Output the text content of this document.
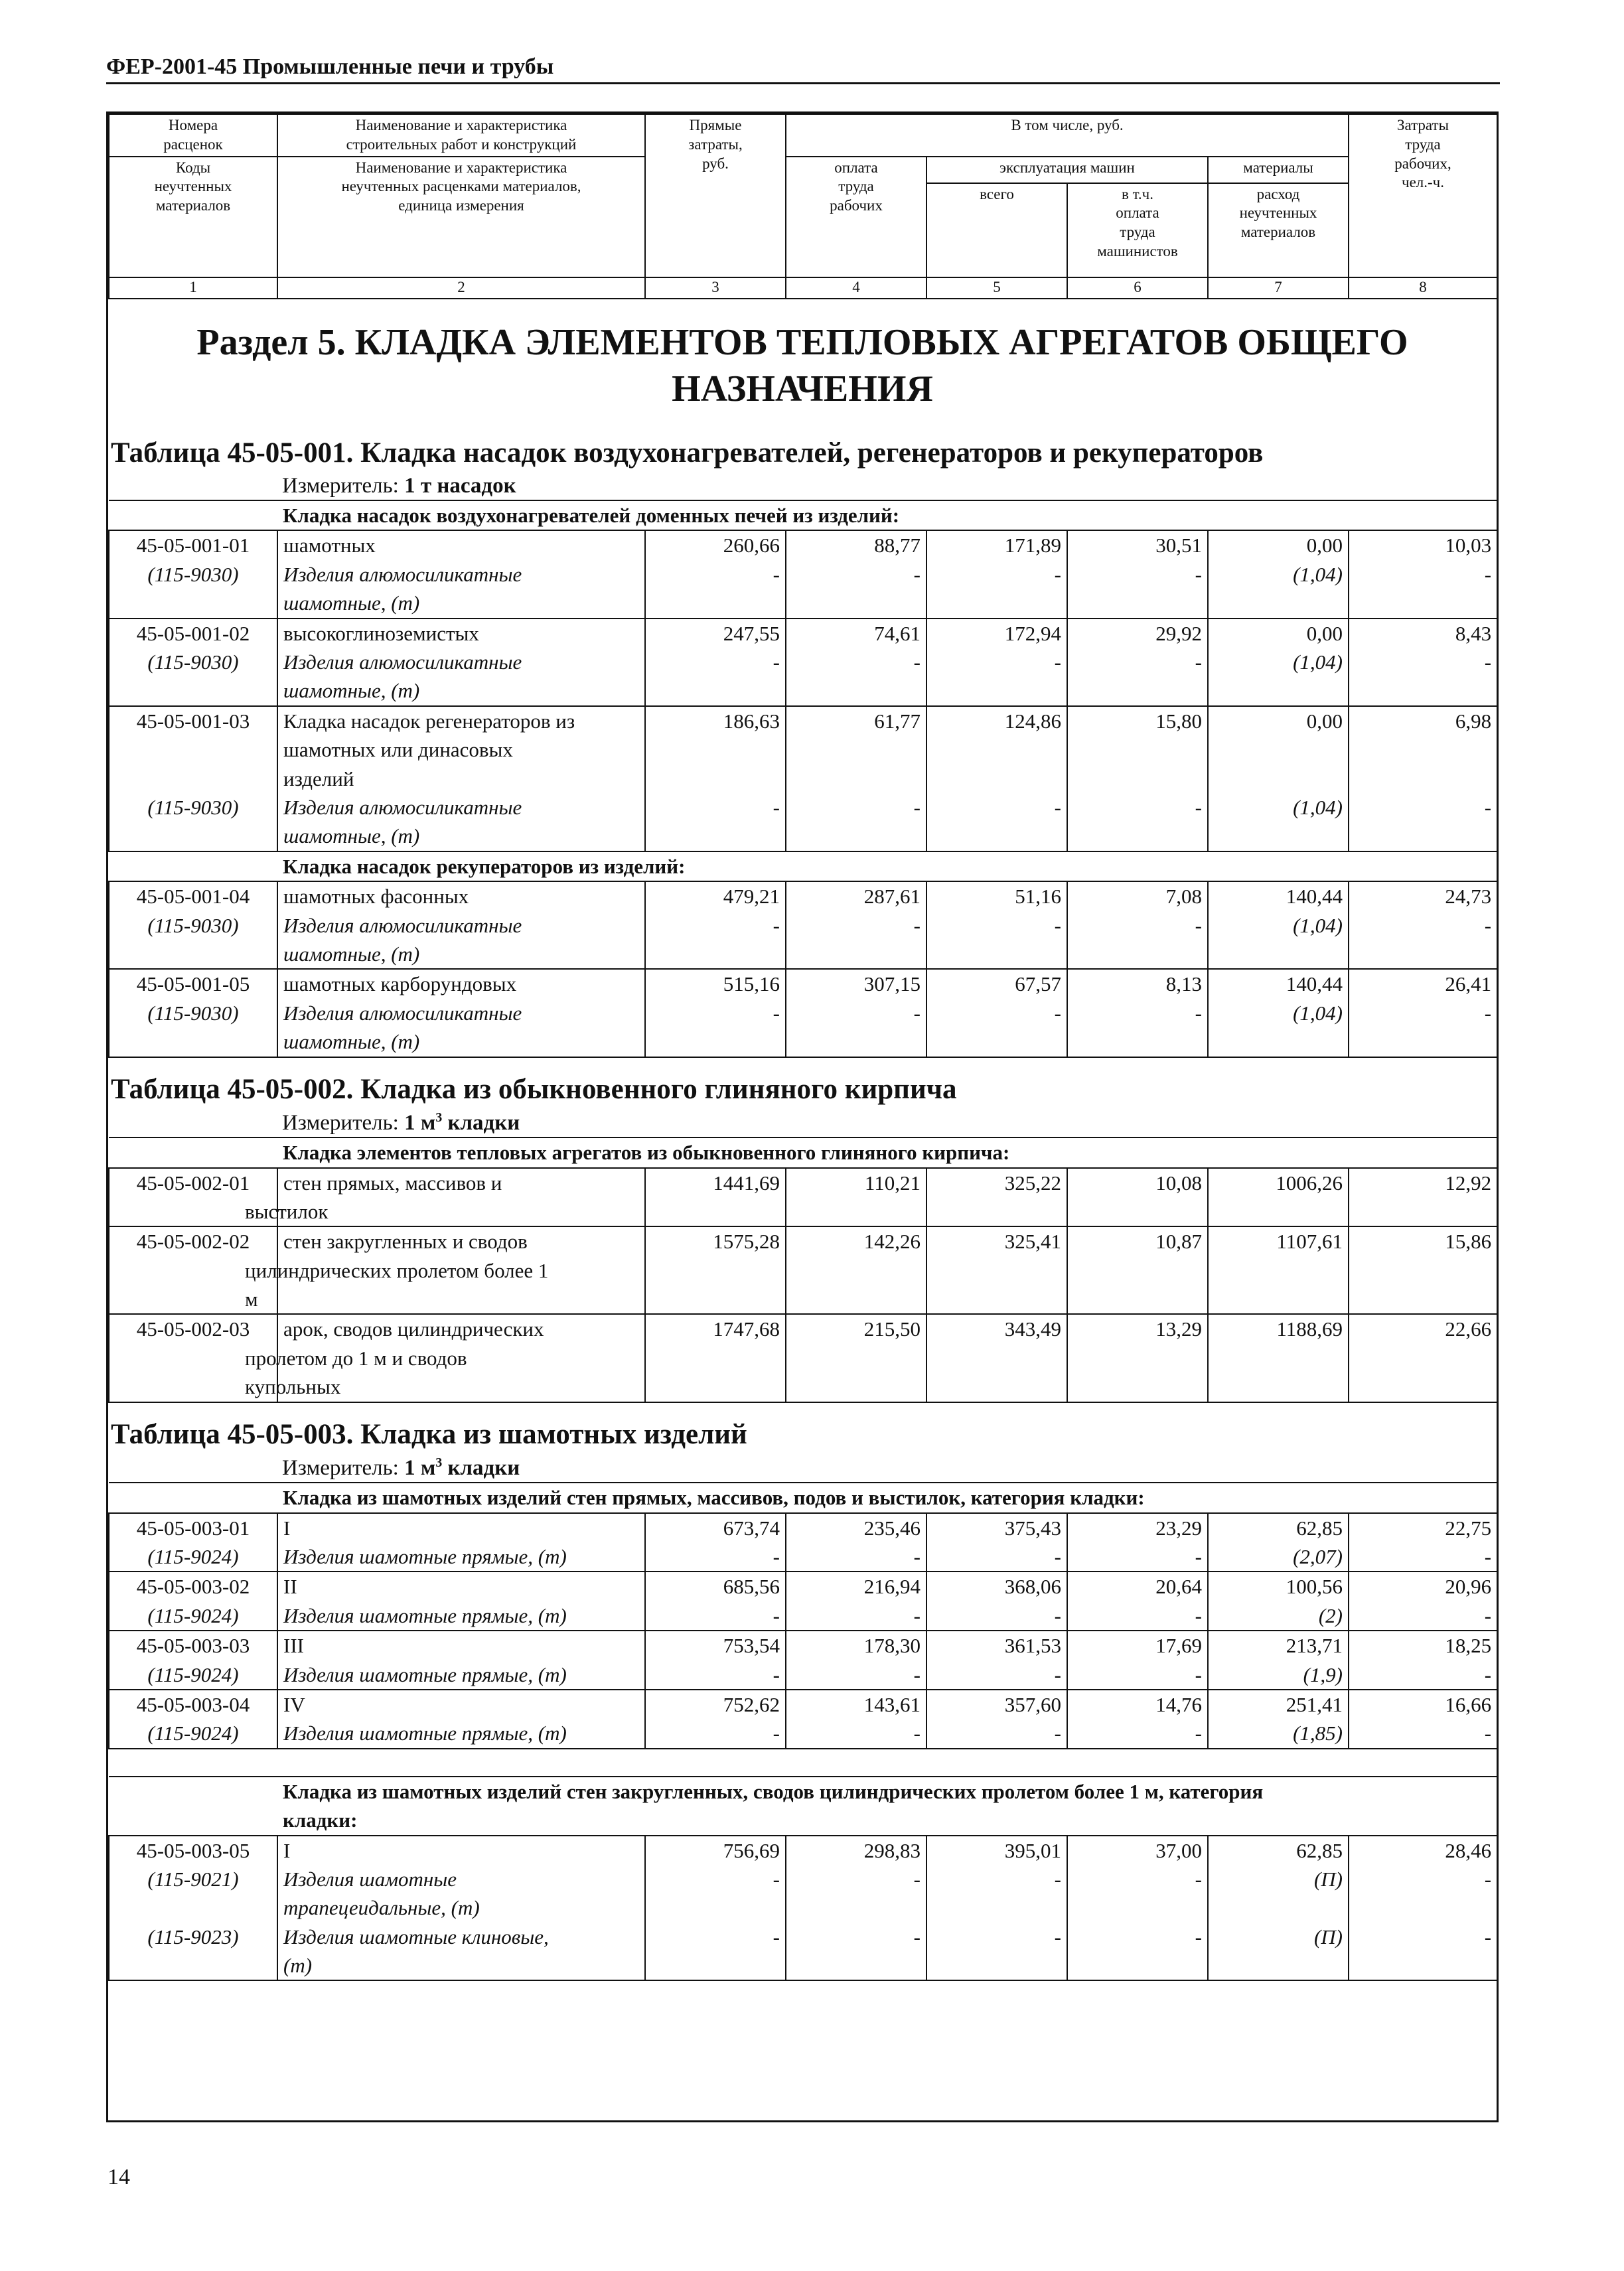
ФЕР-2001-45 Промышленные печи и трубы
Номера
расценок	Наименование и характеристика
строительных работ и конструкций	Прямые
затраты,
руб.	В том числе, руб.				Затраты
труда
рабочих,
чел.-ч.
Коды
неучтенных
материалов	Наименование и характеристика
неучтенных расценками материалов,
единица измерения		оплата
труда
рабочих	эксплуатация машин		материалы	
				всего	в т.ч.
оплата
труда
машинистов	расход
неучтенных
материалов	

1	2	3	4	5	6	7	8
Раздел 5. КЛАДКА ЭЛЕМЕНТОВ ТЕПЛОВЫХ АГРЕГАТОВ ОБЩЕГО
НАЗНАЧЕНИЯ
Таблица 45-05-001. Кладка насадок воздухонагревателей, регенераторов и рекуператоров
Измеритель: 1 т насадок
Кладка насадок воздухонагревателей доменных печей из изделий:							
45-05-001-01	шамотных	260,66	88,77	171,89	30,51	0,00	10,03
(115-9030)	Изделия алюмосиликатные
шамотные, (т)	-	-	-	-	(1,04)	-
45-05-001-02	высокоглиноземистых	247,55	74,61	172,94	29,92	0,00	8,43
(115-9030)	Изделия алюмосиликатные
шамотные, (т)	-	-	-	-	(1,04)	-
45-05-001-03	Кладка насадок регенераторов из
шамотных или динасовых
изделий	186,63	61,77	124,86	15,80	0,00	6,98
(115-9030)	Изделия алюмосиликатные
шамотные, (т)	-	-	-	-	(1,04)	-
Кладка насадок рекуператоров из изделий:							
45-05-001-04	шамотных фасонных	479,21	287,61	51,16	7,08	140,44	24,73
(115-9030)	Изделия алюмосиликатные
шамотные, (т)	-	-	-	-	(1,04)	-
45-05-001-05	шамотных карборундовых	515,16	307,15	67,57	8,13	140,44	26,41
(115-9030)	Изделия алюмосиликатные
шамотные, (т)	-	-	-	-	(1,04)	-
Таблица 45-05-002. Кладка из обыкновенного глиняного кирпича
Измеритель: 1 $м^3$ кладки
Кладка элементов тепловых агрегатов из обыкновенного глиняного кирпича:							
45-05-002-01	стен прямых, массивов и
выстилок	1441,69	110,21	325,22	10,08	1006,26	12,92
45-05-002-02	стен закругленных и сводов
цилиндрических пролетом более 1
м	1575,28	142,26	325,41	10,87	1107,61	15,86
45-05-002-03	арок, сводов цилиндрических
пролетом до 1 м и сводов
купольных	1747,68	215,50	343,49	13,29	1188,69	22,66
Таблица 45-05-003. Кладка из шамотных изделий
Измеритель: 1 $м^3$ кладки
Кладка из шамотных изделий стен прямых, массивов, подов и выстилок, категория кладки:							
45-05-003-01	I	673,74	235,46	375,43	23,29	62,85	22,75
(115-9024)	Изделия шамотные прямые, (т)	-	-	-	-	(2,07)	-
45-05-003-02	II	685,56	216,94	368,06	20,64	100,56	20,96
(115-9024)	Изделия шамотные прямые, (т)	-	-	-	-	(2)	-
45-05-003-03	III	753,54	178,30	361,53	17,69	213,71	18,25
(115-9024)	Изделия шамотные прямые, (т)	-	-	-	-	(1,9)	-
45-05-003-04	IV	752,62	143,61	357,60	14,76	251,41	16,66
(115-9024)	Изделия шамотные прямые, (т)	-	-	-	-	(1,85)	-

Кладка из шамотных изделий стен закругленных, сводов цилиндрических пролетом более 1 м, категория
кладки:							
45-05-003-05	I	756,69	298,83	395,01	37,00	62,85	28,46
(115-9021)	Изделия шамотные
трапецеидальные, (т)	-	-	-	-	(П)	-
(115-9023)	Изделия шамотные клиновые,
(т)	-	-	-	-	(П)	-
14
